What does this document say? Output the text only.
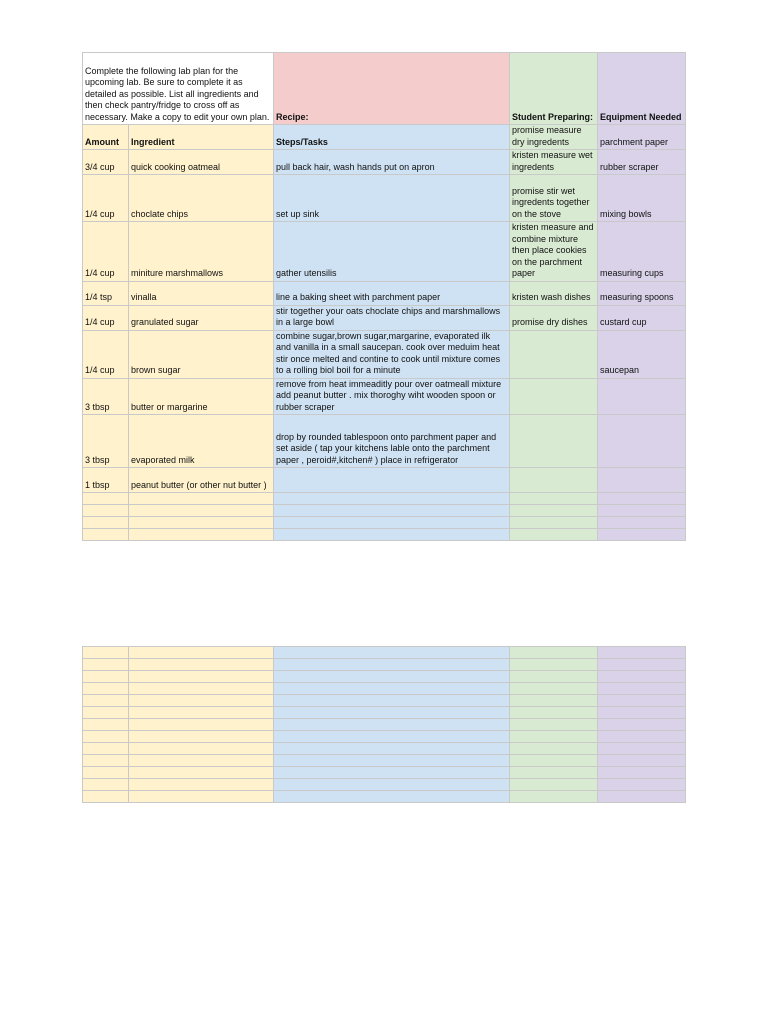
Complete the following lab plan for the upcoming lab. Be sure to complete it as detailed as possible. List all ingredients and then check pantry/fridge to cross off as necessary. Make a copy to edit your own plan.		Recipe:	Student Preparing:	Equipment Needed
Amount	Ingredient	Steps/Tasks	promise measure dry ingredents	parchment paper
3/4 cup	quick cooking oatmeal	pull back hair, wash hands put on apron	kristen measure wet ingredents	rubber scraper
1/4 cup	choclate chips	set up sink	promise stir wet ingredents together on the stove	mixing bowls
1/4 cup	miniture marshmallows	gather utensilis	kristen measure and combine mixture then place cookies on the parchment paper	measuring cups
1/4 tsp	vinalla	line a baking sheet with parchment paper	kristen wash dishes	measuring spoons
1/4 cup	granulated sugar	stir together your oats choclate chips and marshmallows in a large bowl	promise dry dishes	custard cup
1/4 cup	brown sugar	combine sugar,brown sugar,margarine, evaporated ilk and vanilla in a small saucepan. cook over meduim heat stir once melted and contine to cook until mixture comes to a rolling biol boil for a minute		saucepan
3 tbsp	butter or margarine	remove from heat immeaditly pour over oatmeall mixture add peanut butter . mix thoroghy wiht wooden spoon or rubber scraper		
3 tbsp	evaporated milk	drop by rounded tablespoon onto parchment paper and set aside ( tap your kitchens lable onto the parchment paper , peroid#,kitchen# ) place in refrigerator		
1 tbsp	peanut butter (or other nut butter )			
